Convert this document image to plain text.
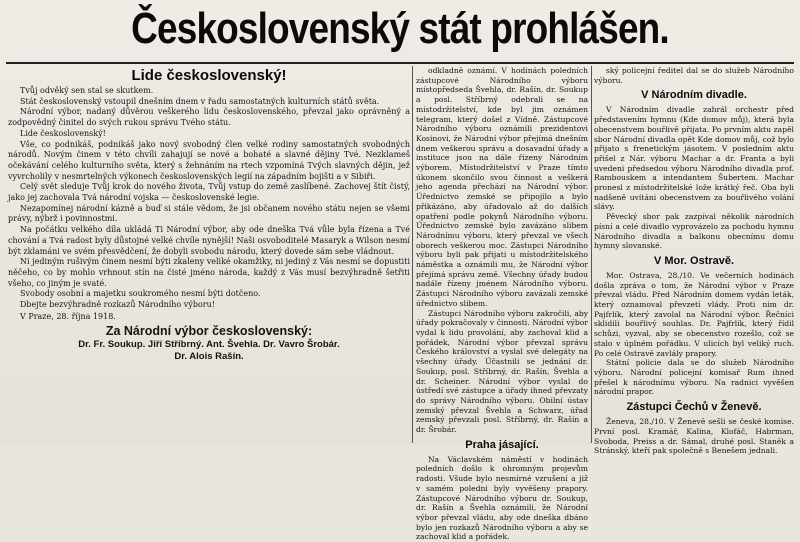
Československý stát prohlášen.
Lide československý!

Tvůj odvěký sen stal se skutkem.

Stát československý vstoupil dnešním dnem v řadu samostatných kulturních států světa.

Národní výbor, nadaný důvěrou veškerého lidu československého, převzal jako oprávněný a zodpovědný činitel do svých rukou správu Tvého státu.

Lide československý!

Vše, co podnikáš, podnikáš jako nový svobodný člen velké rodiny samostatných svobodných národů. Novým činem v této chvíli zahajují se nové a bohaté a slavné dějiny Tvé. Nezklameš očekávání celého kulturního světa, který s žehnáním na rtech vzpomíná Tvých slavných dějin, jež vyvrcholily v nesmrtelných výkonech československých legií na západním bojišti a v Sibiři.

Celý svět sleduje Tvůj krok do nového života, Tvůj vstup do země zaslíbené. Zachovej štít čistý, jako jej zachovala Tvá národní vojska — československé legie.

Nezapomínej národní kázně a buď si stále vědom, že jsi občanem nového státu nejen se všemi právy, nýbrž i povinnostmi.

Na počátku velkého díla ukládá Ti Národní výbor, aby ode dneška Tvá vůle byla řízena a Tvé chování a Tvá radost byly důstojné velké chvíle nynější! Naši osvoboditelé Masaryk a Wilson nesmí být zklamáni ve svém přesvědčení, že dobyli svobodu národu, který dovede sám sebe vládnout.

Ni jediným rušivým činem nesmí býti zkaleny veliké okamžiky, ni jediný z Vás nesmí se dopustiti něčeho, co by mohlo vrhnout stín na čisté jméno národa, každý z Vás musí bezvýhradně šetřiti všeho, co jiným je svaté.

Svobody osobní a majetku soukromého nesmí býti dotčeno.

Dbejte bezvýhradně rozkazů Národního výboru!

V Praze, 28. října 1918.

Za Národní výbor československý:
Dr. Fr. Soukup. Jiří Stříbrný. Ant. Švehla. Dr. Vavro Šrobár.
Dr. Alois Rašín.

odkladně oznámí. V hodinách poledních zástupcové Národního výboru místopředseda Švehla, dr. Rašín, dr. Soukup a posl. Stříbrný odebrali se na místodržitelství, kde byl jim oznámen telegram, který došel z Vídně. Zástupcové Národního výboru oznámili prezidentovi Kosinovi, že Národní výbor přejímá dnešním dnem veškerou správu a dosavadní úřady a instituce jsou na dále řízeny Národním výborem. Místodržitelství v Praze tímto úkonem skončilo svou činnost a veškerá jeho agenda přechází na Národní výbor. Úřednictvo zemské se připojilo a bylo přikázáno, aby úřadovalo až do dalších opatření podle pokynů Národního výboru. Úřednictvo zemské bylo zavázáno slibem Národnímu výboru, který převzal ve všech oborech veškerou moc. Zástupci Národního výboru byli pak přijati u místodržitelského náměstka a oznámili mu, že Národní výbor přejímá správu země. Všechny úřady budou nadále řízeny jménem Národního výboru. Zástupci Národního výboru zavázali zemské úřednictvo slibem.

Zástupci Národního výboru zakročili, aby úřady pokračovaly v činnosti. Národní výbor vydal k lidu provolání, aby zachoval klid a pořádek, Národní výbor převzal správu Českého království a vyslal své delegáty na všechny úřady. Účastnili se jednání dr. Soukup, posl. Stříbrný, dr. Rašín, Švehla a dr. Scheiner. Národní výbor vyslal do ústředí své zástupce a úřady ihned převzaty do správy Národního výboru. Obilní ústav zemský převzal Švehla a Schwarz, úřad zemský převzali posl. Stříbrný, dr. Rašín a dr. Šrobár.

Praha jásající.

Na Václavském náměstí v hodinách poledních došlo k ohromným projevům radosti. Všude bylo nesmírné vzrušení a již v samém poledni byly vyvěšeny prapory. Zástupcové Národního výboru dr. Soukup, dr. Rašín a Švehla oznámili, že Národní výbor převzal vládu, aby ode dneška dbáno bylo jen rozkazů Národního výboru a aby se zachoval klid a pořádek.

ský policejní ředitel dal se do služeb Národního výboru.

V Národním divadle.

V Národním divadle zahrál orchestr před představením hymnu (Kde domov můj), která byla obecenstvem bouřlivě přijata. Po prvním aktu zapěl sbor Národní divadla opět Kde domov můj, což bylo přijato s frenetickým jásotem. V posledním aktu přišel z Nár. výboru Machar a dr. Franta a byli uvedeni předsedou výboru Národního divadla prof. Rambouskem a intendantem Šubertem. Machar pronesl z místodržitelské lože krátký řeč. Oba byli nadšeně uvítáni obecenstvem za bouřlivého volání slávy.

Pěvecký sbor pak zazpíval několik národních písní a celé divadlo vyprovázelo za pochodu hymnu Národního divadla a balkonu obecnímu domu hymny slovanské.

V Mor. Ostravě.

Mor. Ostrava, 28./10. Ve večerních hodinách došla zpráva o tom, že Národní výbor v Praze převzal vládu. Před Národním domem vydán leták, který oznamoval převzetí vlády. Proti nim dr. Pajfrlík, který zavolal na Národní výbor. Řečníci sklidili bouřlivý souhlas. Dr. Pajfrlík, který řídil schůzi, vyzval, aby se obecenstvo rozešlo, což se stalo v úplném pořádku. V ulicích byl veliký ruch. Po celé Ostravě zavlály prapory.

Státní policie dala se do služeb Národního výboru. Národní policejní komisař Rum ihned přešel k národnímu výboru. Na radnici vyvěšen národní prapor.

Zástupci Čechů v Ženevě.

Ženeva, 28./10. V Ženevě sešli se české komise. První posl. Kramář, Kalina, Klofáč, Habrman, Svoboda, Preiss a dr. Sámal, druhé posl. Staněk a Stránský, kteří pak společně s Benešem jednali.
